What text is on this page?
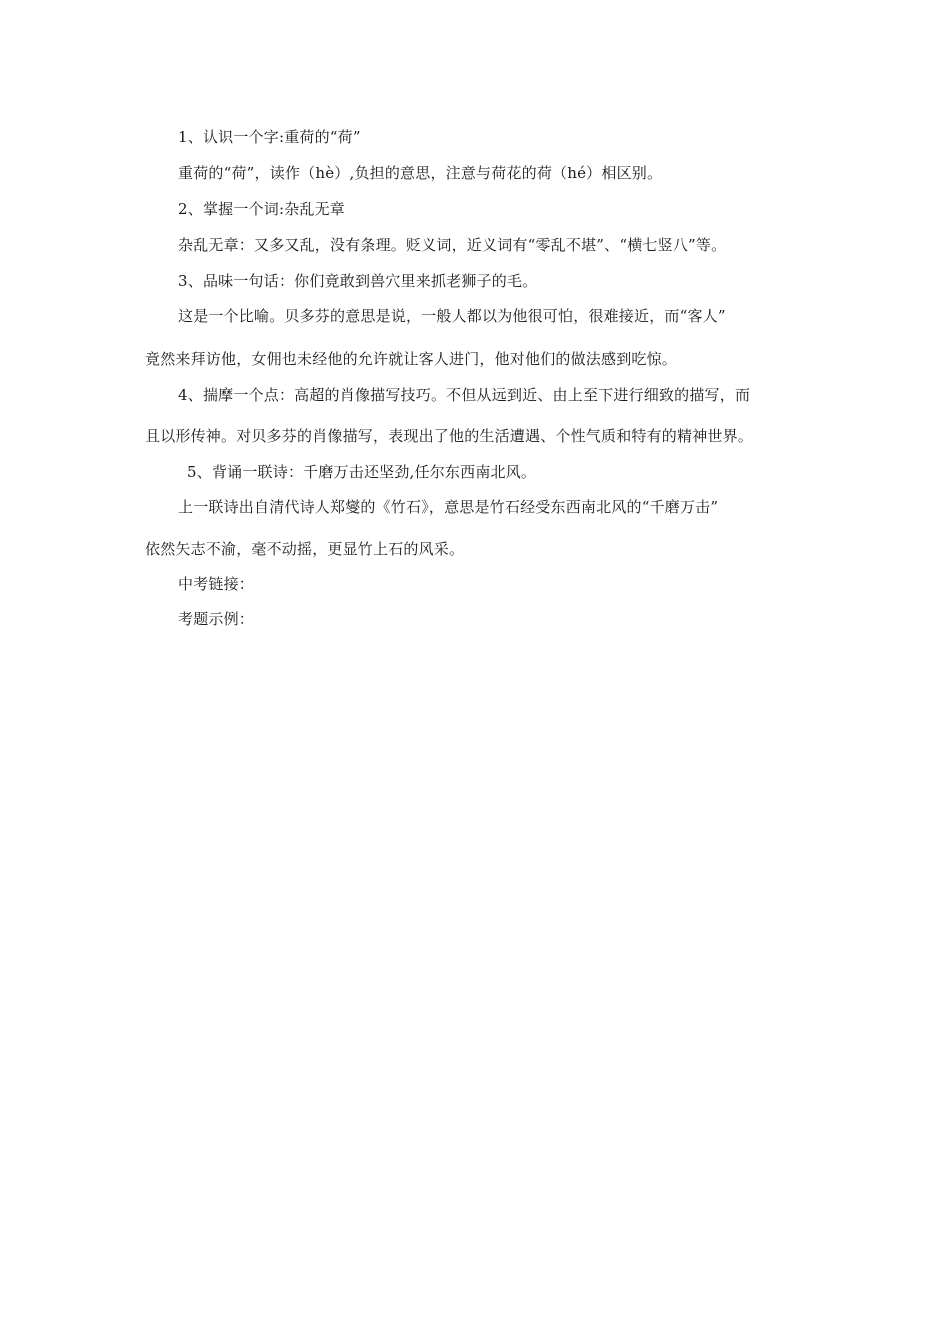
1、认识一个字:重荷的“荷”
重荷的“荷”，读作（hè）,负担的意思，注意与荷花的荷（hé）相区别。
2、掌握一个词:杂乱无章
杂乱无章：又多又乱，没有条理。贬义词，近义词有“零乱不堪”、“横七竖八”等。
3、品味一句话：你们竟敢到兽穴里来抓老狮子的毛。
这是一个比喻。贝多芬的意思是说，一般人都以为他很可怕，很难接近，而“客人”
竟然来拜访他，女佣也未经他的允许就让客人进门，他对他们的做法感到吃惊。
4、揣摩一个点：高超的肖像描写技巧。不但从远到近、由上至下进行细致的描写，而
且以形传神。对贝多芬的肖像描写，表现出了他的生活遭遇、个性气质和特有的精神世界。
5、背诵一联诗：千磨万击还坚劲,任尔东西南北风。
上一联诗出自清代诗人郑燮的《竹石》，意思是竹石经受东西南北风的“千磨万击”
依然矢志不渝，毫不动摇，更显竹上石的风采。
中考链接：
考题示例：
